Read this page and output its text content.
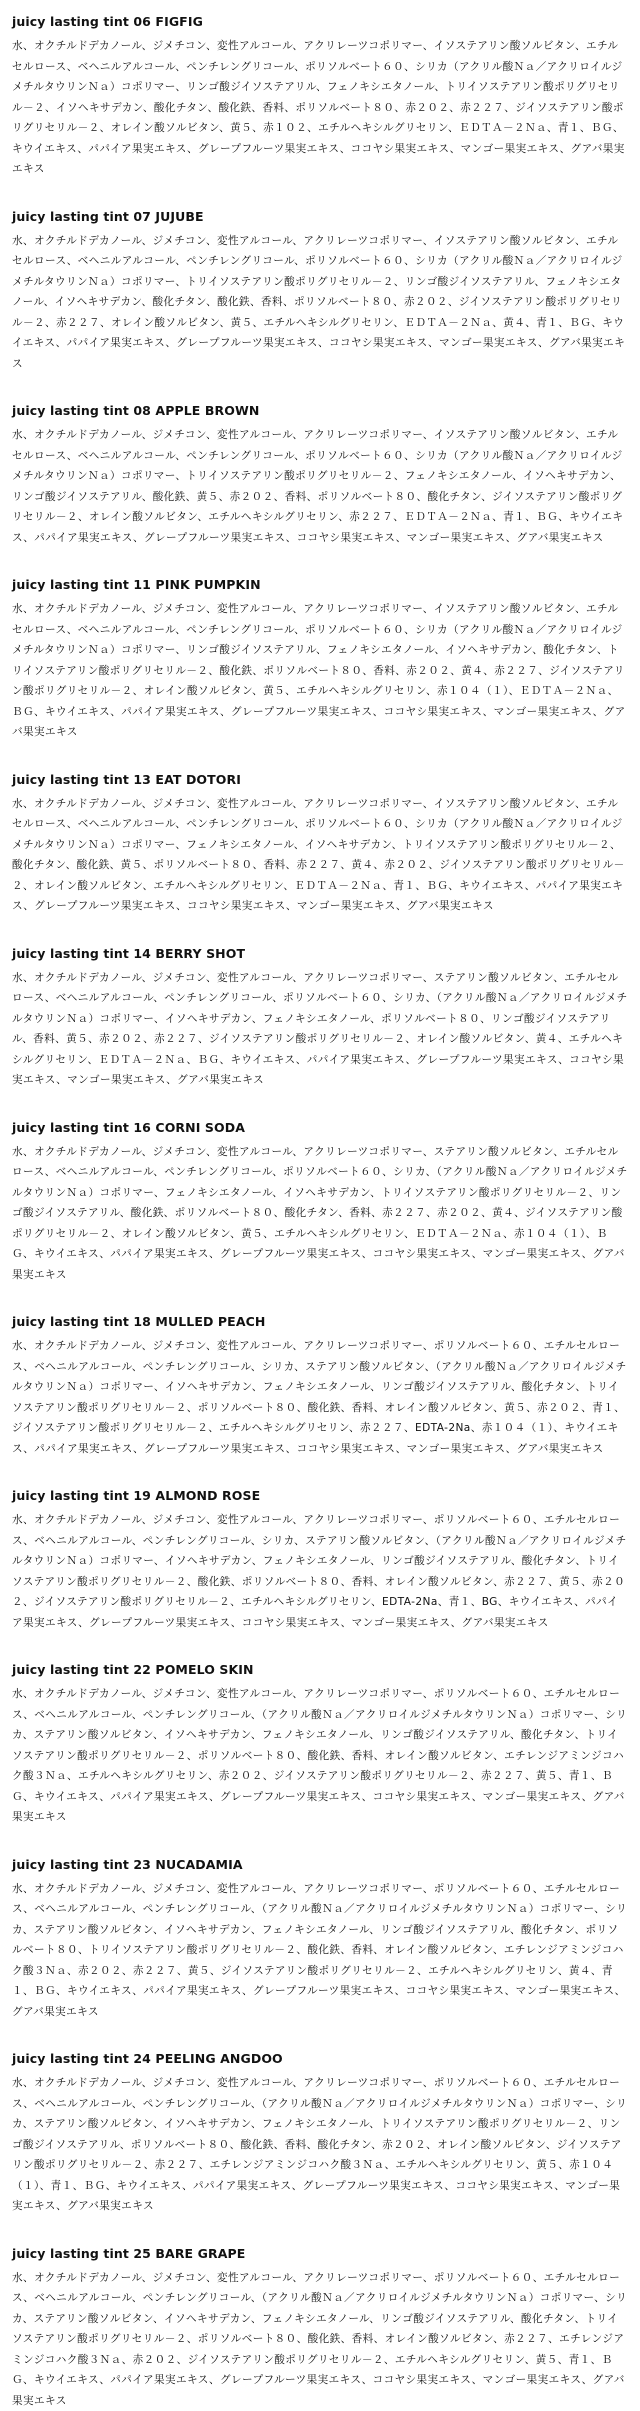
juicy lasting tint 06 FIGFIG

水、オクチルドデカノール、ジメチコン、変性アルコール、アクリレーツコポリマー、イソステアリン酸ソルビタン、エチルセルロース、ベヘニルアルコール、ペンチレングリコール、ポリソルベート６０、シリカ（アクリル酸Ｎａ／アクリロイルジメチルタウリンＮａ）コポリマー、リンゴ酸ジイソステアリル、フェノキシエタノール、トリイソステアリン酸ポリグリセリル－２、イソヘキサデカン、酸化チタン、酸化鉄、香料、ポリソルベート８０、赤２０２、赤２２７、ジイソステアリン酸ポリグリセリル－２、オレイン酸ソルビタン、黄５、赤１０２、エチルヘキシルグリセリン、ＥＤＴＡ－２Ｎａ、青１、ＢＧ、キウイエキス、パパイア果実エキス、グレープフルーツ果実エキス、ココヤシ果実エキス、マンゴー果実エキス、グアバ果実エキス

juicy lasting tint 07 JUJUBE

水、オクチルドデカノール、ジメチコン、変性アルコール、アクリレーツコポリマー、イソステアリン酸ソルビタン、エチルセルロース、ベヘニルアルコール、ペンチレングリコール、ポリソルベート６０、シリカ（アクリル酸Ｎａ／アクリロイルジメチルタウリンＮａ）コポリマー、トリイソステアリン酸ポリグリセリル－２、リンゴ酸ジイソステアリル、フェノキシエタノール、イソヘキサデカン、酸化チタン、酸化鉄、香料、ポリソルベート８０、赤２０２、ジイソステアリン酸ポリグリセリル－２、赤２２７、オレイン酸ソルビタン、黄５、エチルヘキシルグリセリン、ＥＤＴＡ－２Ｎａ、黄４、青１、ＢＧ、キウイエキス、パパイア果実エキス、グレープフルーツ果実エキス、ココヤシ果実エキス、マンゴー果実エキス、グアバ果実エキス

juicy lasting tint 08 APPLE BROWN

水、オクチルドデカノール、ジメチコン、変性アルコール、アクリレーツコポリマー、イソステアリン酸ソルビタン、エチルセルロース、ベヘニルアルコール、ペンチレングリコール、ポリソルベート６０、シリカ（アクリル酸Ｎａ／アクリロイルジメチルタウリンＮａ）コポリマー、トリイソステアリン酸ポリグリセリル－２、フェノキシエタノール、イソヘキサデカン、リンゴ酸ジイソステアリル、酸化鉄、黄５、赤２０２、香料、ポリソルベート８０、酸化チタン、ジイソステアリン酸ポリグリセリル－２、オレイン酸ソルビタン、エチルヘキシルグリセリン、赤２２７、ＥＤＴＡ－２Ｎａ、青１、ＢＧ、キウイエキス、パパイア果実エキス、グレープフルーツ果実エキス、ココヤシ果実エキス、マンゴー果実エキス、グアバ果実エキス

juicy lasting tint 11 PINK PUMPKIN

水、オクチルドデカノール、ジメチコン、変性アルコール、アクリレーツコポリマー、イソステアリン酸ソルビタン、エチルセルロース、ベヘニルアルコール、ペンチレングリコール、ポリソルベート６０、シリカ（アクリル酸Ｎａ／アクリロイルジメチルタウリンＮａ）コポリマー、リンゴ酸ジイソステアリル、フェノキシエタノール、イソヘキサデカン、酸化チタン、トリイソステアリン酸ポリグリセリル－２、酸化鉄、ポリソルベート８０、香料、赤２０２、黄４、赤２２７、ジイソステアリン酸ポリグリセリル－２、オレイン酸ソルビタン、黄５、エチルヘキシルグリセリン、赤１０４（１）、ＥＤＴＡ－２Ｎａ、ＢＧ、キウイエキス、パパイア果実エキス、グレープフルーツ果実エキス、ココヤシ果実エキス、マンゴー果実エキス、グアバ果実エキス

juicy lasting tint 13 EAT DOTORI

水、オクチルドデカノール、ジメチコン、変性アルコール、アクリレーツコポリマー、イソステアリン酸ソルビタン、エチルセルロース、ベヘニルアルコール、ペンチレングリコール、ポリソルベート６０、シリカ（アクリル酸Ｎａ／アクリロイルジメチルタウリンＮａ）コポリマー、フェノキシエタノール、イソヘキサデカン、トリイソステアリン酸ポリグリセリル－２、酸化チタン、酸化鉄、黄５、ポリソルベート８０、香料、赤２２７、黄４、赤２０２、ジイソステアリン酸ポリグリセリル－２、オレイン酸ソルビタン、エチルヘキシルグリセリン、ＥＤＴＡ－２Ｎａ、青１、ＢＧ、キウイエキス、パパイア果実エキス、グレープフルーツ果実エキス、ココヤシ果実エキス、マンゴー果実エキス、グアバ果実エキス

juicy lasting tint 14 BERRY SHOT

水、オクチルドデカノール、ジメチコン、変性アルコール、アクリレーツコポリマー、ステアリン酸ソルビタン、エチルセルロース、ベヘニルアルコール、ペンチレングリコール、ポリソルベート６０、シリカ、（アクリル酸Ｎａ／アクリロイルジメチルタウリンＮａ）コポリマー、イソヘキサデカン、フェノキシエタノール、ポリソルベート８０、リンゴ酸ジイソステアリル、香料、黄５、赤２０２、赤２２７、ジイソステアリン酸ポリグリセリル－２、オレイン酸ソルビタン、黄４、エチルヘキシルグリセリン、ＥＤＴＡ－２Ｎａ、ＢＧ、キウイエキス、パパイア果実エキス、グレープフルーツ果実エキス、ココヤシ果実エキス、マンゴー果実エキス、グアバ果実エキス

juicy lasting tint 16 CORNI SODA

水、オクチルドデカノール、ジメチコン、変性アルコール、アクリレーツコポリマー、ステアリン酸ソルビタン、エチルセルロース、ベヘニルアルコール、ペンチレングリコール、ポリソルベート６０、シリカ、（アクリル酸Ｎａ／アクリロイルジメチルタウリンＮａ）コポリマー、フェノキシエタノール、イソヘキサデカン、トリイソステアリン酸ポリグリセリル－２、リンゴ酸ジイソステアリル、酸化鉄、ポリソルベート８０、酸化チタン、香料、赤２２７、赤２０２、黄４、ジイソステアリン酸ポリグリセリル－２、オレイン酸ソルビタン、黄５、エチルヘキシルグリセリン、ＥＤＴＡ－２Ｎａ、赤１０４（１）、ＢＧ、キウイエキス、パパイア果実エキス、グレープフルーツ果実エキス、ココヤシ果実エキス、マンゴー果実エキス、グアバ果実エキス

juicy lasting tint 18 MULLED PEACH

水、オクチルドデカノール、ジメチコン、変性アルコール、アクリレーツコポリマー、ポリソルベート６０、エチルセルロース、ベヘニルアルコール、ペンチレングリコール、シリカ、ステアリン酸ソルビタン、（アクリル酸Ｎａ／アクリロイルジメチルタウリンＮａ）コポリマー、イソヘキサデカン、フェノキシエタノール、リンゴ酸ジイソステアリル、酸化チタン、トリイソステアリン酸ポリグリセリル－２、ポリソルベート８０、酸化鉄、香料、オレイン酸ソルビタン、黄５、赤２０２、青１、ジイソステアリン酸ポリグリセリル－２、エチルヘキシルグリセリン、赤２２７、EDTA-2Na、赤１０４（１）、キウイエキス、パパイア果実エキス、グレープフルーツ果実エキス、ココヤシ果実エキス、マンゴー果実エキス、グアバ果実エキス

juicy lasting tint 19 ALMOND ROSE

水、オクチルドデカノール、ジメチコン、変性アルコール、アクリレーツコポリマー、ポリソルベート６０、エチルセルロース、ベヘニルアルコール、ペンチレングリコール、シリカ、ステアリン酸ソルビタン、（アクリル酸Ｎａ／アクリロイルジメチルタウリンＮａ）コポリマー、イソヘキサデカン、フェノキシエタノール、リンゴ酸ジイソステアリル、酸化チタン、トリイソステアリン酸ポリグリセリル－２、酸化鉄、ポリソルベート８０、香料、オレイン酸ソルビタン、赤２２７、黄５、赤２０２、ジイソステアリン酸ポリグリセリル－２、エチルヘキシルグリセリン、EDTA-2Na、青１、BG、キウイエキス、パパイア果実エキス、グレープフルーツ果実エキス、ココヤシ果実エキス、マンゴー果実エキス、グアバ果実エキス

juicy lasting tint 22 POMELO SKIN

水、オクチルドデカノール、ジメチコン、変性アルコール、アクリレーツコポリマー、ポリソルベート６０、エチルセルロース、ベヘニルアルコール、ペンチレングリコール、（アクリル酸Ｎａ／アクリロイルジメチルタウリンＮａ）コポリマー、シリカ、ステアリン酸ソルビタン、イソヘキサデカン、フェノキシエタノール、リンゴ酸ジイソステアリル、酸化チタン、トリイソステアリン酸ポリグリセリル－２、ポリソルベート８０、酸化鉄、香料、オレイン酸ソルビタン、エチレンジアミンジコハク酸３Ｎａ、エチルヘキシルグリセリン、赤２０２、ジイソステアリン酸ポリグリセリル－２、赤２２７、黄５、青１、ＢＧ、キウイエキス、パパイア果実エキス、グレープフルーツ果実エキス、ココヤシ果実エキス、マンゴー果実エキス、グアバ果実エキス

juicy lasting tint 23 NUCADAMIA

水、オクチルドデカノール、ジメチコン、変性アルコール、アクリレーツコポリマー、ポリソルベート６０、エチルセルロース、ベヘニルアルコール、ペンチレングリコール、（アクリル酸Ｎａ／アクリロイルジメチルタウリンＮａ）コポリマー、シリカ、ステアリン酸ソルビタン、イソヘキサデカン、フェノキシエタノール、リンゴ酸ジイソステアリル、酸化チタン、ポリソルベート８０、トリイソステアリン酸ポリグリセリル－２、酸化鉄、香料、オレイン酸ソルビタン、エチレンジアミンジコハク酸３Ｎａ、赤２０２、赤２２７、黄５、ジイソステアリン酸ポリグリセリル－２、エチルヘキシルグリセリン、黄４、青１、ＢＧ、キウイエキス、パパイア果実エキス、グレープフルーツ果実エキス、ココヤシ果実エキス、マンゴー果実エキス、グアバ果実エキス

juicy lasting tint 24 PEELING ANGDOO

水、オクチルドデカノール、ジメチコン、変性アルコール、アクリレーツコポリマー、ポリソルベート６０、エチルセルロース、ベヘニルアルコール、ペンチレングリコール、（アクリル酸Ｎａ／アクリロイルジメチルタウリンＮａ）コポリマー、シリカ、ステアリン酸ソルビタン、イソヘキサデカン、フェノキシエタノール、トリイソステアリン酸ポリグリセリル－２、リンゴ酸ジイソステアリル、ポリソルベート８０、酸化鉄、香料、酸化チタン、赤２０２、オレイン酸ソルビタン、ジイソステアリン酸ポリグリセリル－２、赤２２７、エチレンジアミンジコハク酸３Ｎａ、エチルヘキシルグリセリン、黄５、赤１０４（１）、青１、ＢＧ、キウイエキス、パパイア果実エキス、グレープフルーツ果実エキス、ココヤシ果実エキス、マンゴー果実エキス、グアバ果実エキス

juicy lasting tint 25 BARE GRAPE

水、オクチルドデカノール、ジメチコン、変性アルコール、アクリレーツコポリマー、ポリソルベート６０、エチルセルロース、ベヘニルアルコール、ペンチレングリコール、（アクリル酸Ｎａ／アクリロイルジメチルタウリンＮａ）コポリマー、シリカ、ステアリン酸ソルビタン、イソヘキサデカン、フェノキシエタノール、リンゴ酸ジイソステアリル、酸化チタン、トリイソステアリン酸ポリグリセリル－２、ポリソルベート８０、酸化鉄、香料、オレイン酸ソルビタン、赤２２７、エチレンジアミンジコハク酸３Ｎａ、赤２０２、ジイソステアリン酸ポリグリセリル－２、エチルヘキシルグリセリン、黄５、青１、ＢＧ、キウイエキス、パパイア果実エキス、グレープフルーツ果実エキス、ココヤシ果実エキス、マンゴー果実エキス、グアバ果実エキス
